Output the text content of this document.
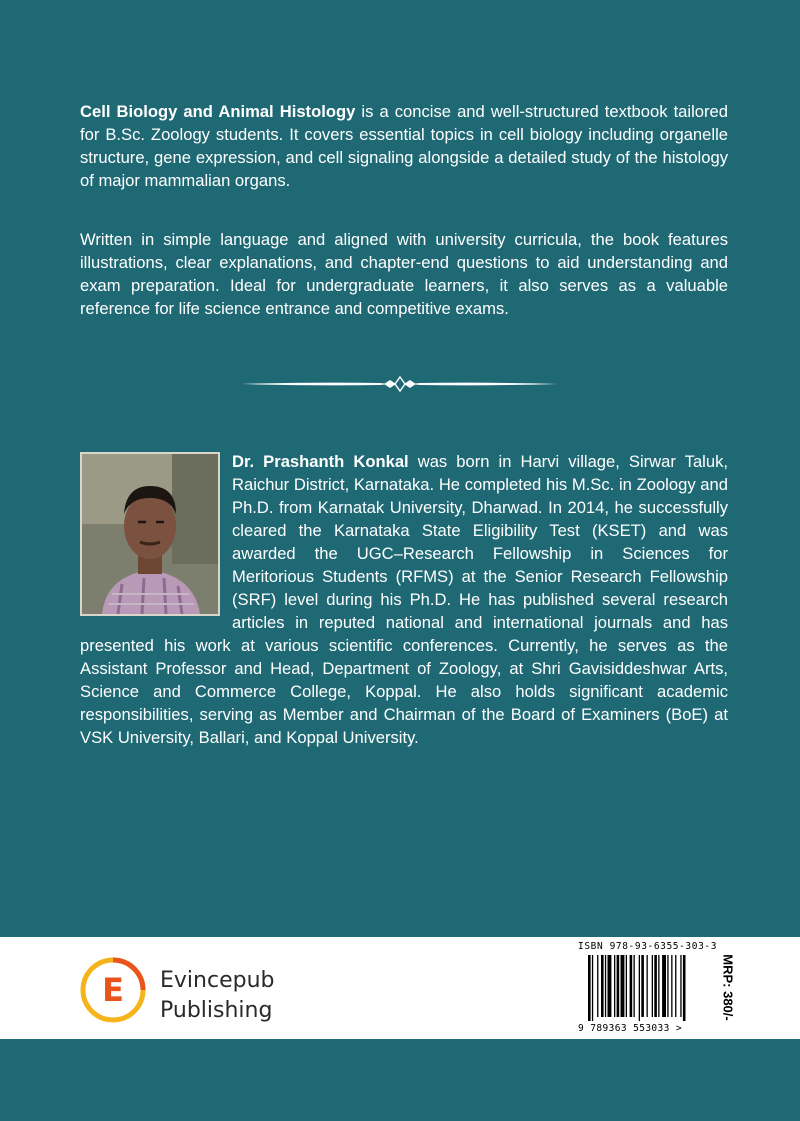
Cell Biology and Animal Histology is a concise and well-structured textbook tailored for B.Sc. Zoology students. It covers essential topics in cell biology including organelle structure, gene expression, and cell signaling alongside a detailed study of the histology of major mammalian organs.

Written in simple language and aligned with university curricula, the book features illustrations, clear explanations, and chapter-end questions to aid understanding and exam preparation. Ideal for undergraduate learners, it also serves as a valuable reference for life science entrance and competitive exams.

Dr. Prashanth Konkal was born in Harvi village, Sirwar Taluk, Raichur District, Karnataka. He completed his M.Sc. in Zoology and Ph.D. from Karnatak University, Dharwad. In 2014, he successfully cleared the Karnataka State Eligibility Test (KSET) and was awarded the UGC–Research Fellowship in Sciences for Meritorious Students (RFMS) at the Senior Research Fellowship (SRF) level during his Ph.D. He has published several research articles in reputed national and international journals and has presented his work at various scientific conferences. Currently, he serves as the Assistant Professor and Head, Department of Zoology, at Shri Gavisiddeshwar Arts, Science and Commerce College, Koppal. He also holds significant academic responsibilities, serving as Member and Chairman of the Board of Examiners (BoE) at VSK University, Ballari, and Koppal University.
E Evincepub
Publishing
ISBN 978-93-6355-303-3
9 789363 553033 >
MRP: 380/-
